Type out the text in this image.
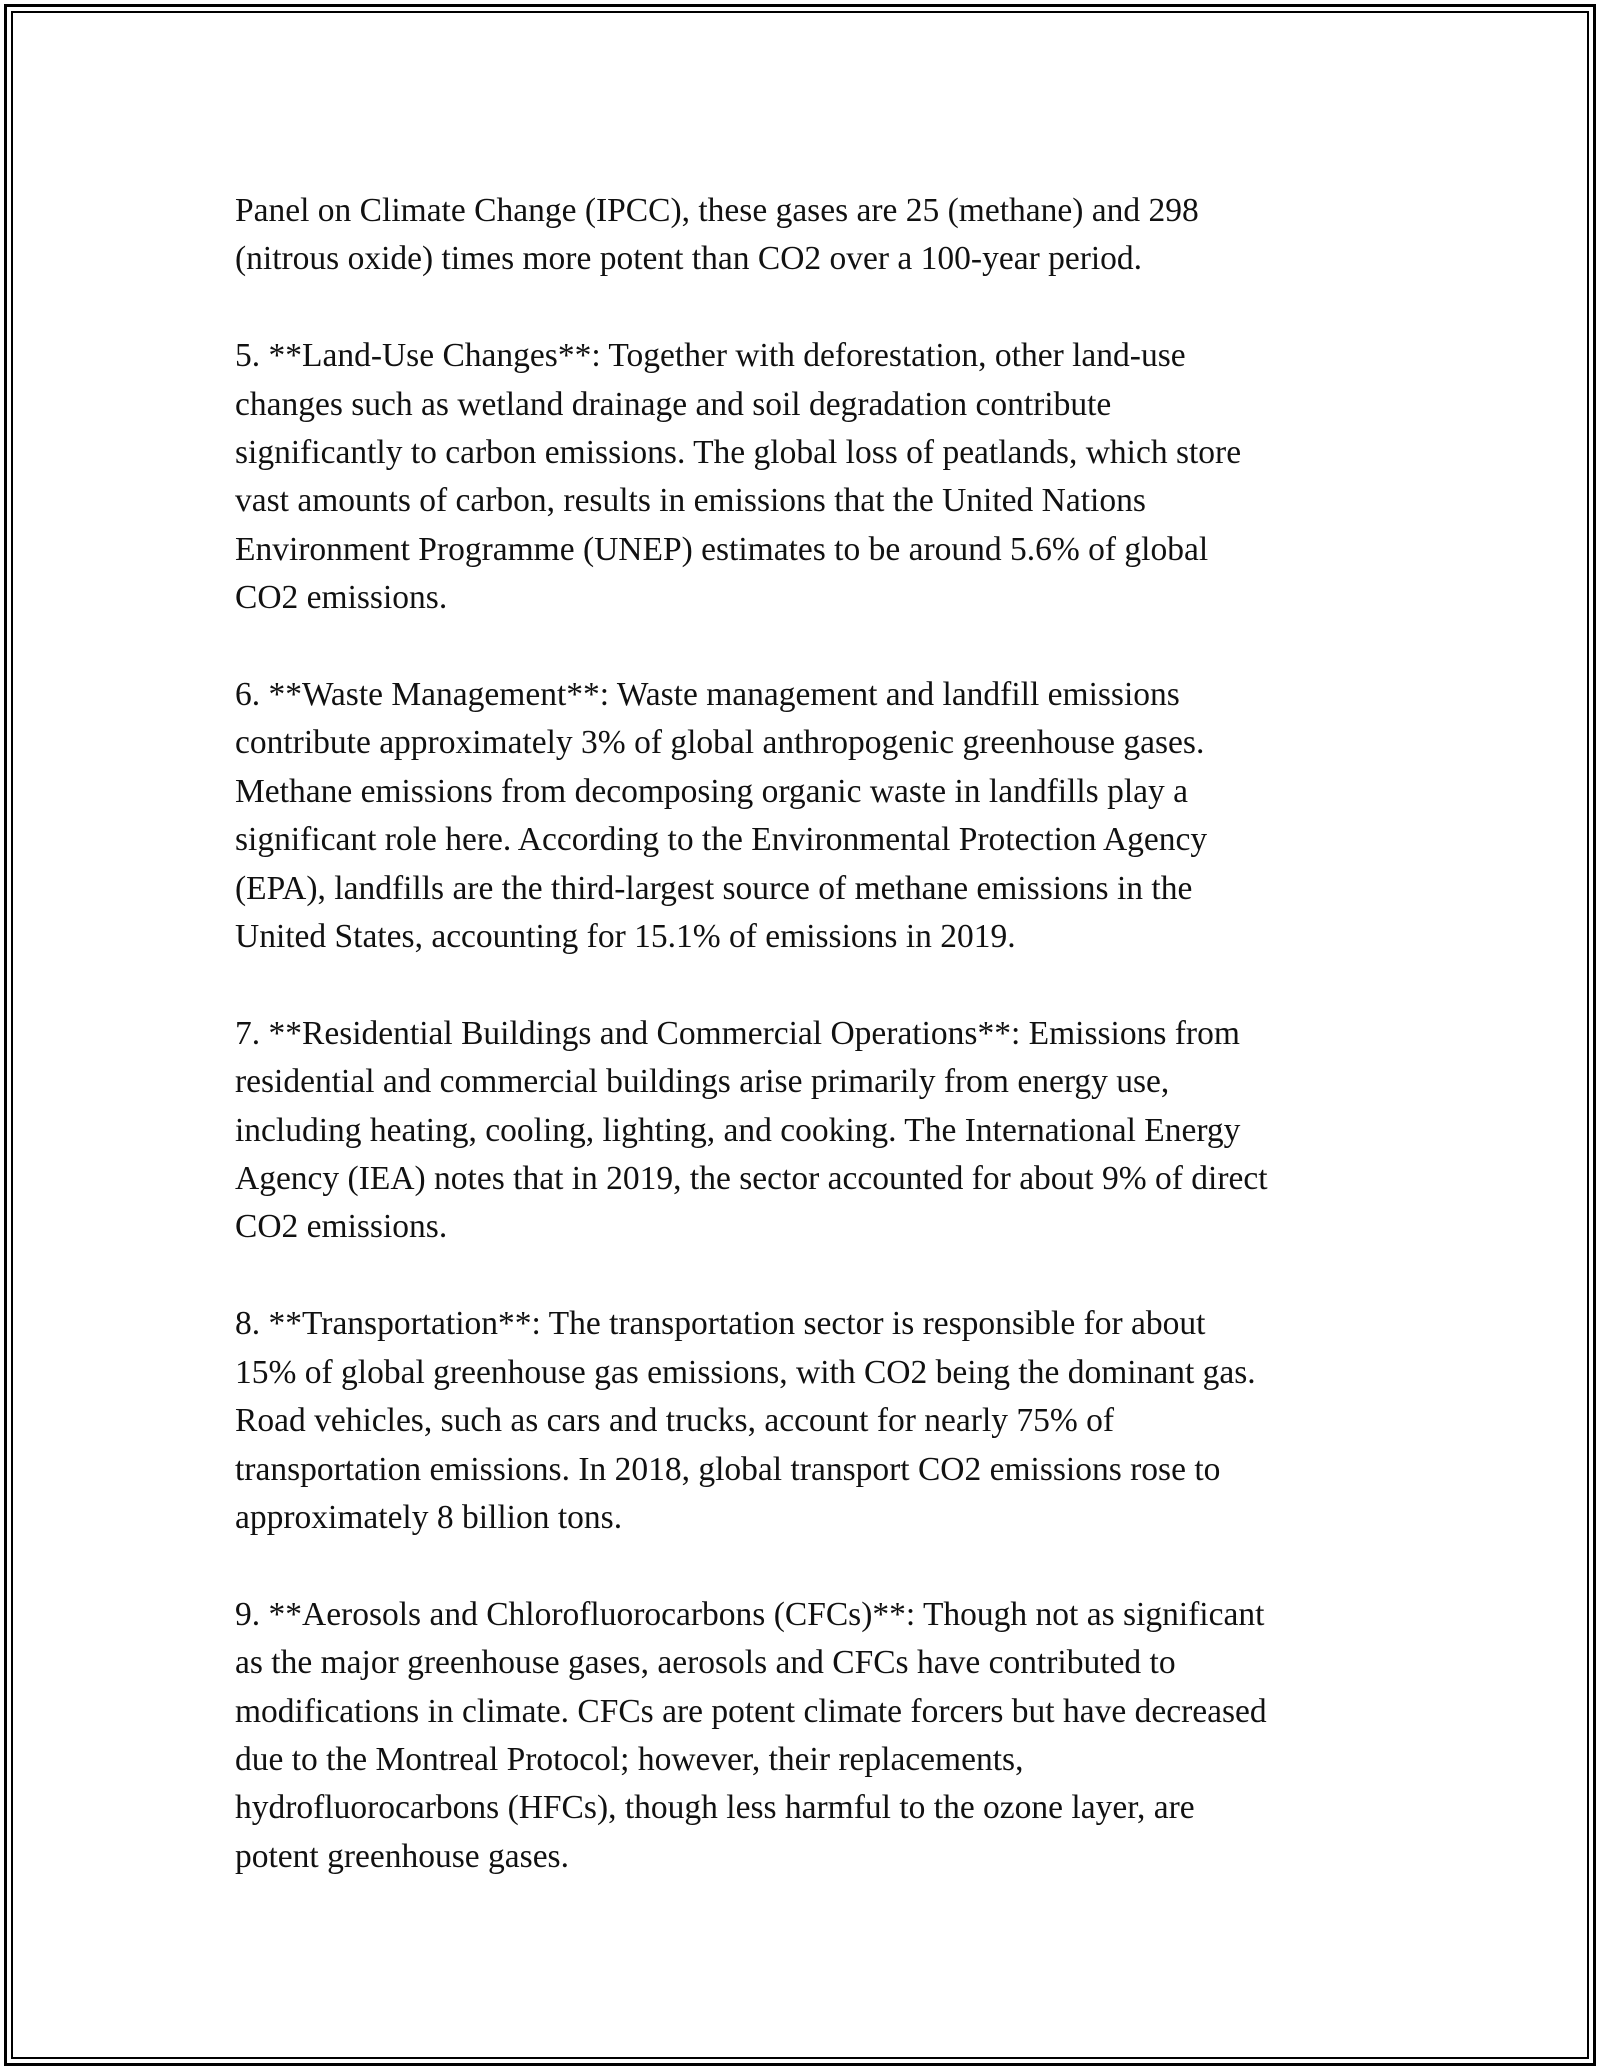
Panel on Climate Change (IPCC), these gases are 25 (methane) and 298
(nitrous oxide) times more potent than CO2 over a 100-year period.

5. **Land-Use Changes**: Together with deforestation, other land-use
changes such as wetland drainage and soil degradation contribute
significantly to carbon emissions. The global loss of peatlands, which store
vast amounts of carbon, results in emissions that the United Nations
Environment Programme (UNEP) estimates to be around 5.6% of global
CO2 emissions.

6. **Waste Management**: Waste management and landfill emissions
contribute approximately 3% of global anthropogenic greenhouse gases.
Methane emissions from decomposing organic waste in landfills play a
significant role here. According to the Environmental Protection Agency
(EPA), landfills are the third-largest source of methane emissions in the
United States, accounting for 15.1% of emissions in 2019.

7. **Residential Buildings and Commercial Operations**: Emissions from
residential and commercial buildings arise primarily from energy use,
including heating, cooling, lighting, and cooking. The International Energy
Agency (IEA) notes that in 2019, the sector accounted for about 9% of direct
CO2 emissions.

8. **Transportation**: The transportation sector is responsible for about
15% of global greenhouse gas emissions, with CO2 being the dominant gas.
Road vehicles, such as cars and trucks, account for nearly 75% of
transportation emissions. In 2018, global transport CO2 emissions rose to
approximately 8 billion tons.

9. **Aerosols and Chlorofluorocarbons (CFCs)**: Though not as significant
as the major greenhouse gases, aerosols and CFCs have contributed to
modifications in climate. CFCs are potent climate forcers but have decreased
due to the Montreal Protocol; however, their replacements,
hydrofluorocarbons (HFCs), though less harmful to the ozone layer, are
potent greenhouse gases.
